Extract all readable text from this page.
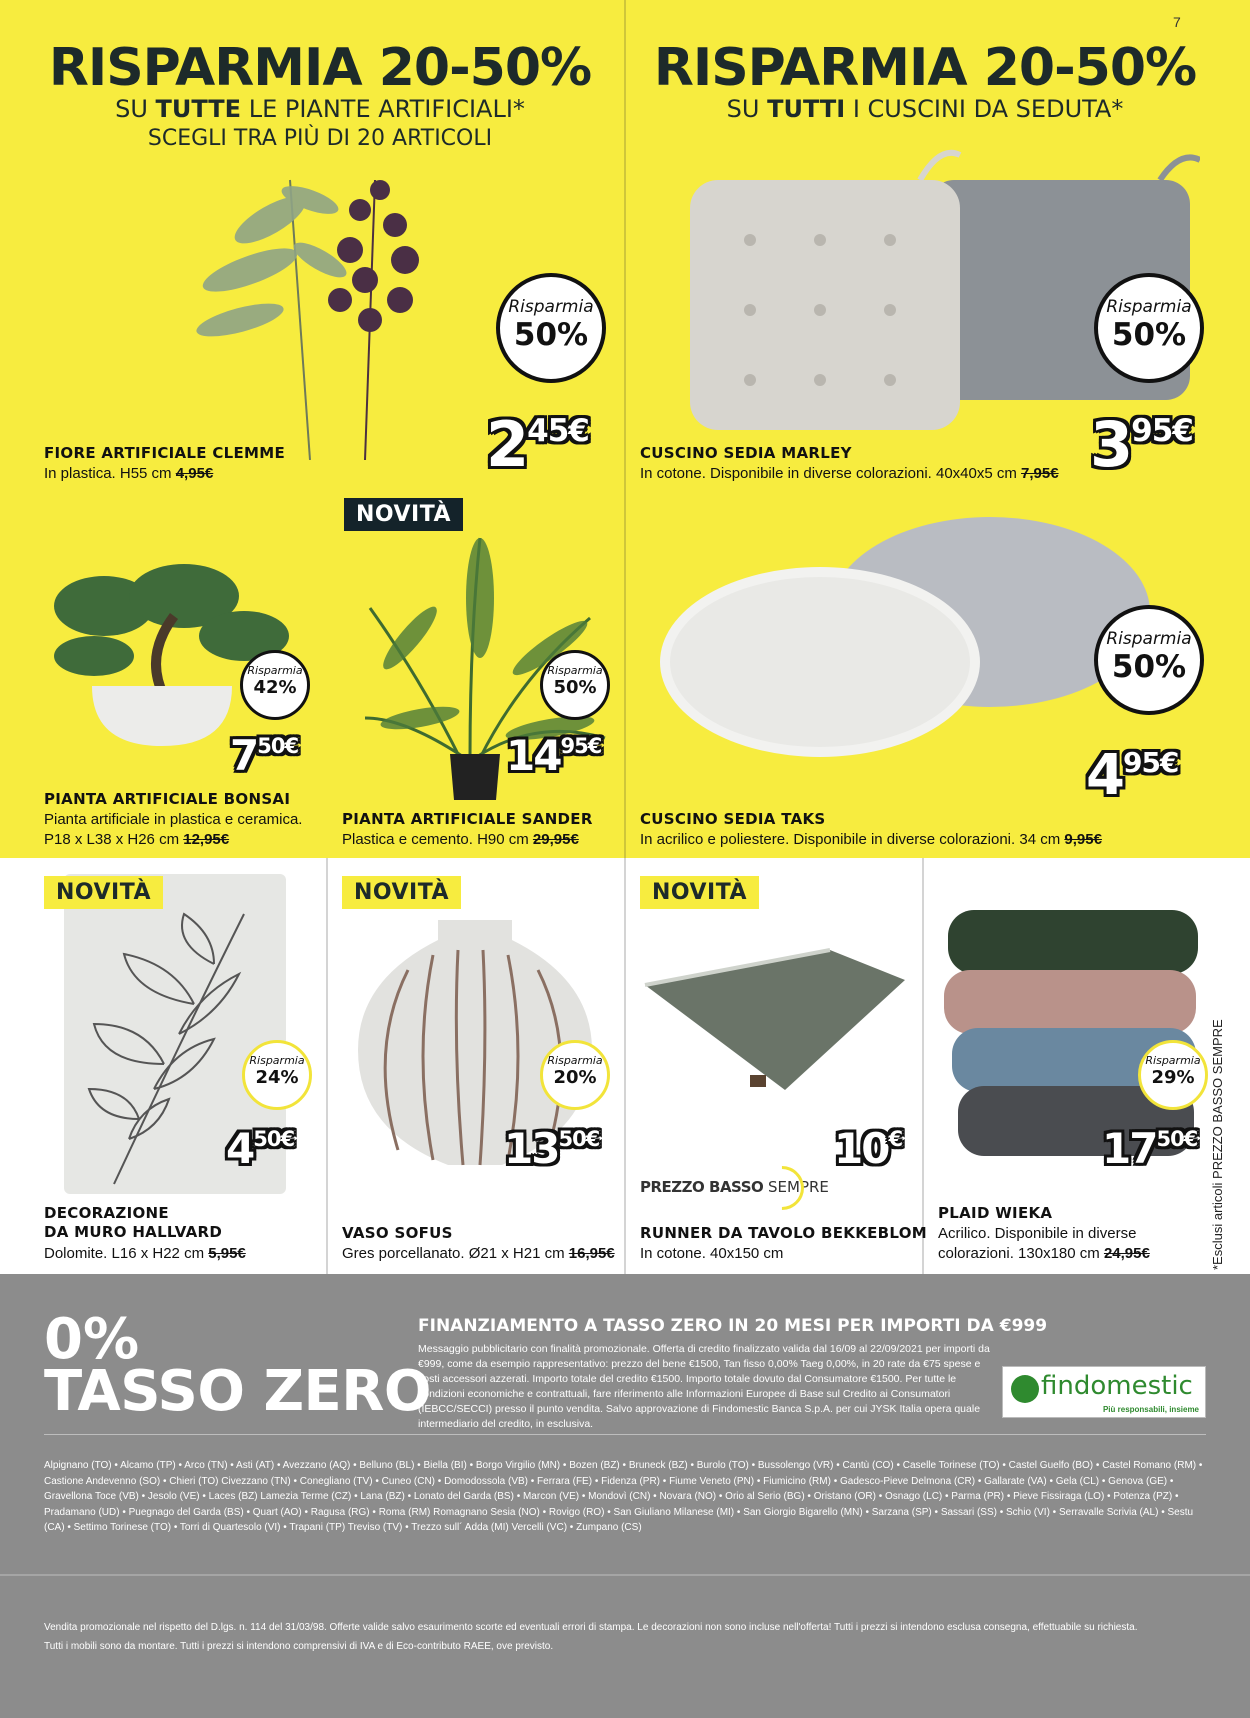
7
RISPARMIA 20-50%
SU TUTTE LE PIANTE ARTIFICIALI*
SCEGLI TRA PIÙ DI 20 ARTICOLI
RISPARMIA 20-50%
SU TUTTI I CUSCINI DA SEDUTA*
Risparmia
50%
$2^{45€}$
FIORE ARTIFICIALE CLEMME
In plastica. H55 cm 4,95€
Risparmia
50%
$3^{95€}$
CUSCINO SEDIA MARLEY
In cotone. Disponibile in diverse colorazioni. 40x40x5 cm 7,95€
Risparmia
42%
$7^{50€}$
PIANTA ARTIFICIALE BONSAI
Pianta artificiale in plastica e ceramica.
P18 x L38 x H26 cm 12,95€
NOVITÀ
Risparmia
50%
$14^{95€}$
PIANTA ARTIFICIALE SANDER
Plastica e cemento. H90 cm 29,95€
Risparmia
50%
$4^{95€}$
CUSCINO SEDIA TAKS
In acrilico e poliestere. Disponibile in diverse colorazioni. 34 cm 9,95€
NOVITÀ
Risparmia
24%
$4^{50€}$
DECORAZIONE
DA MURO HALLVARD
Dolomite. L16 x H22 cm 5,95€
NOVITÀ
Risparmia
20%
$13^{50€}$
VASO SOFUS
Gres porcellanato. Ø21 x H21 cm 16,95€
NOVITÀ
10€
PREZZO BASSO SEMPRE
RUNNER DA TAVOLO BEKKEBLOM
In cotone. 40x150 cm
Risparmia
29%
$17^{50€}$
PLAID WIEKA
Acrilico. Disponibile in diverse
colorazioni. 130x180 cm 24,95€	*Esclusi articoli PREZZO BASSO SEMPRE
0%
TASSO ZERO
FINANZIAMENTO A TASSO ZERO IN 20 MESI PER IMPORTI DA €999
Messaggio pubblicitario con finalità promozionale. Offerta di credito finalizzato valida dal 16/09 al 22/09/2021 per importi da €999, come da esempio rappresentativo: prezzo del bene €1500, Tan fisso 0,00% Taeg 0,00%, in 20 rate da €75 spese e costi accessori azzerati. Importo totale del credito €1500. Importo totale dovuto dal Consumatore €1500. Per tutte le condizioni economiche e contrattuali, fare riferimento alle Informazioni Europee di Base sul Credito ai Consumatori (IEBCC/SECCI) presso il punto vendita. Salvo approvazione di Findomestic Banca S.p.A. per cui JYSK Italia opera quale intermediario del credito, in esclusiva.
findomestic
Più responsabili, insieme
Alpignano (TO) • Alcamo (TP) • Arco (TN) • Asti (AT) • Avezzano (AQ) • Belluno (BL) • Biella (BI) • Borgo Virgilio (MN) • Bozen (BZ) • Bruneck (BZ) • Burolo (TO) • Bussolengo (VR) • Cantù (CO) • Caselle Torinese (TO) • Castel Guelfo (BO) • Castel Romano (RM) • Castione Andevenno (SO) • Chieri (TO) Civezzano (TN) • Conegliano (TV) • Cuneo (CN) • Domodossola (VB) • Ferrara (FE) • Fidenza (PR) • Fiume Veneto (PN) • Fiumicino (RM) • Gadesco-Pieve Delmona (CR) • Gallarate (VA) • Gela (CL) • Genova (GE) • Gravellona Toce (VB) • Jesolo (VE) • Laces (BZ) Lamezia Terme (CZ) • Lana (BZ) • Lonato del Garda (BS) • Marcon (VE) • Mondovì (CN) • Novara (NO) • Orio al Serio (BG) • Oristano (OR) • Osnago (LC) • Parma (PR) • Pieve Fissiraga (LO) • Potenza (PZ) • Pradamano (UD) • Puegnago del Garda (BS) • Quart (AO) • Ragusa (RG) • Roma (RM) Romagnano Sesia (NO) • Rovigo (RO) • San Giuliano Milanese (MI) • San Giorgio Bigarello (MN) • Sarzana (SP) • Sassari (SS) • Schio (VI) • Serravalle Scrivia (AL) • Sestu (CA) • Settimo Torinese (TO) • Torri di Quartesolo (VI) • Trapani (TP) Treviso (TV) • Trezzo sull´ Adda (MI) Vercelli (VC) • Zumpano (CS)
Vendita promozionale nel rispetto del D.lgs. n. 114 del 31/03/98. Offerte valide salvo esaurimento scorte ed eventuali errori di stampa. Le decorazioni non sono incluse nell'offerta! Tutti i prezzi si intendono esclusa consegna, effettuabile su richiesta.
Tutti i mobili sono da montare. Tutti i prezzi si intendono comprensivi di IVA e di Eco-contributo RAEE, ove previsto.
